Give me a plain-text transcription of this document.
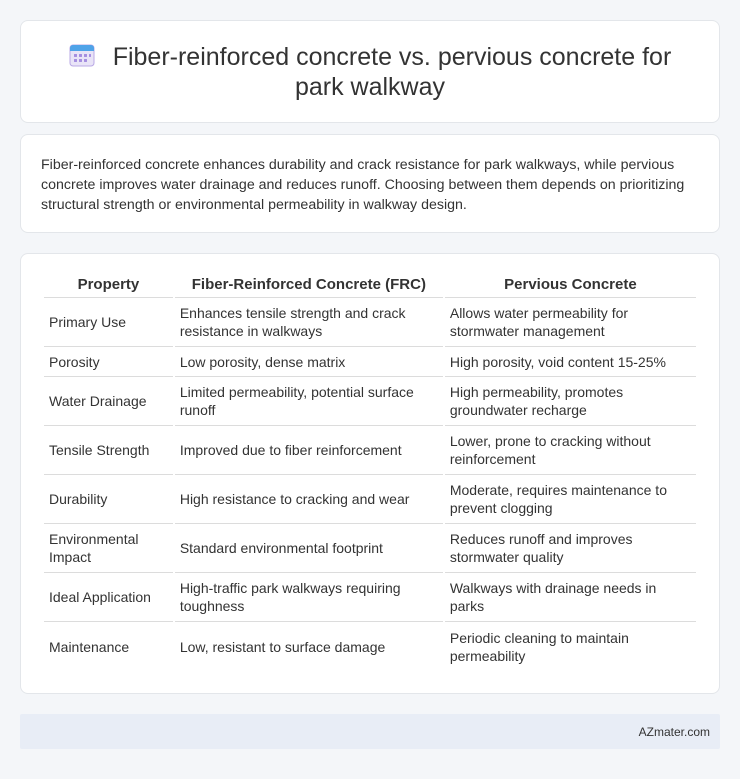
Fiber-reinforced concrete vs. pervious concrete for park walkway

Fiber-reinforced concrete enhances durability and crack resistance for park walkways, while pervious concrete improves water drainage and reduces runoff. Choosing between them depends on prioritizing structural strength or environmental permeability in walkway design.

Property	Fiber-Reinforced Concrete (FRC)	Pervious Concrete
Primary Use	Enhances tensile strength and crack resistance in walkways	Allows water permeability for stormwater management
Porosity	Low porosity, dense matrix	High porosity, void content 15-25%
Water Drainage	Limited permeability, potential surface runoff	High permeability, promotes groundwater recharge
Tensile Strength	Improved due to fiber reinforcement	Lower, prone to cracking without reinforcement
Durability	High resistance to cracking and wear	Moderate, requires maintenance to prevent clogging
Environmental Impact	Standard environmental footprint	Reduces runoff and improves stormwater quality
Ideal Application	High-traffic park walkways requiring toughness	Walkways with drainage needs in parks
Maintenance	Low, resistant to surface damage	Periodic cleaning to maintain permeability
AZmater.com
